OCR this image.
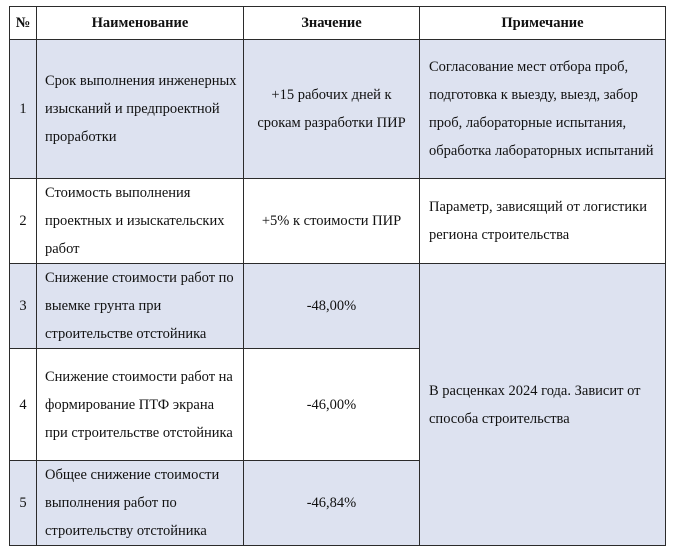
№	Наименование	Значение	Примечание
1	Срок выполнения инженерных изысканий и предпроектной проработки	+15 рабочих дней к срокам разработки ПИР	Согласование мест отбора проб, подготовка к выезду, выезд, забор проб, лабораторные испытания, обработка лабораторных испытаний
2	Стоимость выполнения проектных и изыскательских работ	+5% к стоимости ПИР	Параметр, зависящий от логистики региона строительства
3	Снижение стоимости работ по выемке грунта при строительстве отстойника	-48,00%	В расценках 2024 года. Зависит от способа строительства
4	Снижение стоимости работ на формирование ПТФ экрана при строительстве отстойника	-46,00%	
5	Общее снижение стоимости выполнения работ по строительству отстойника	-46,84%	
